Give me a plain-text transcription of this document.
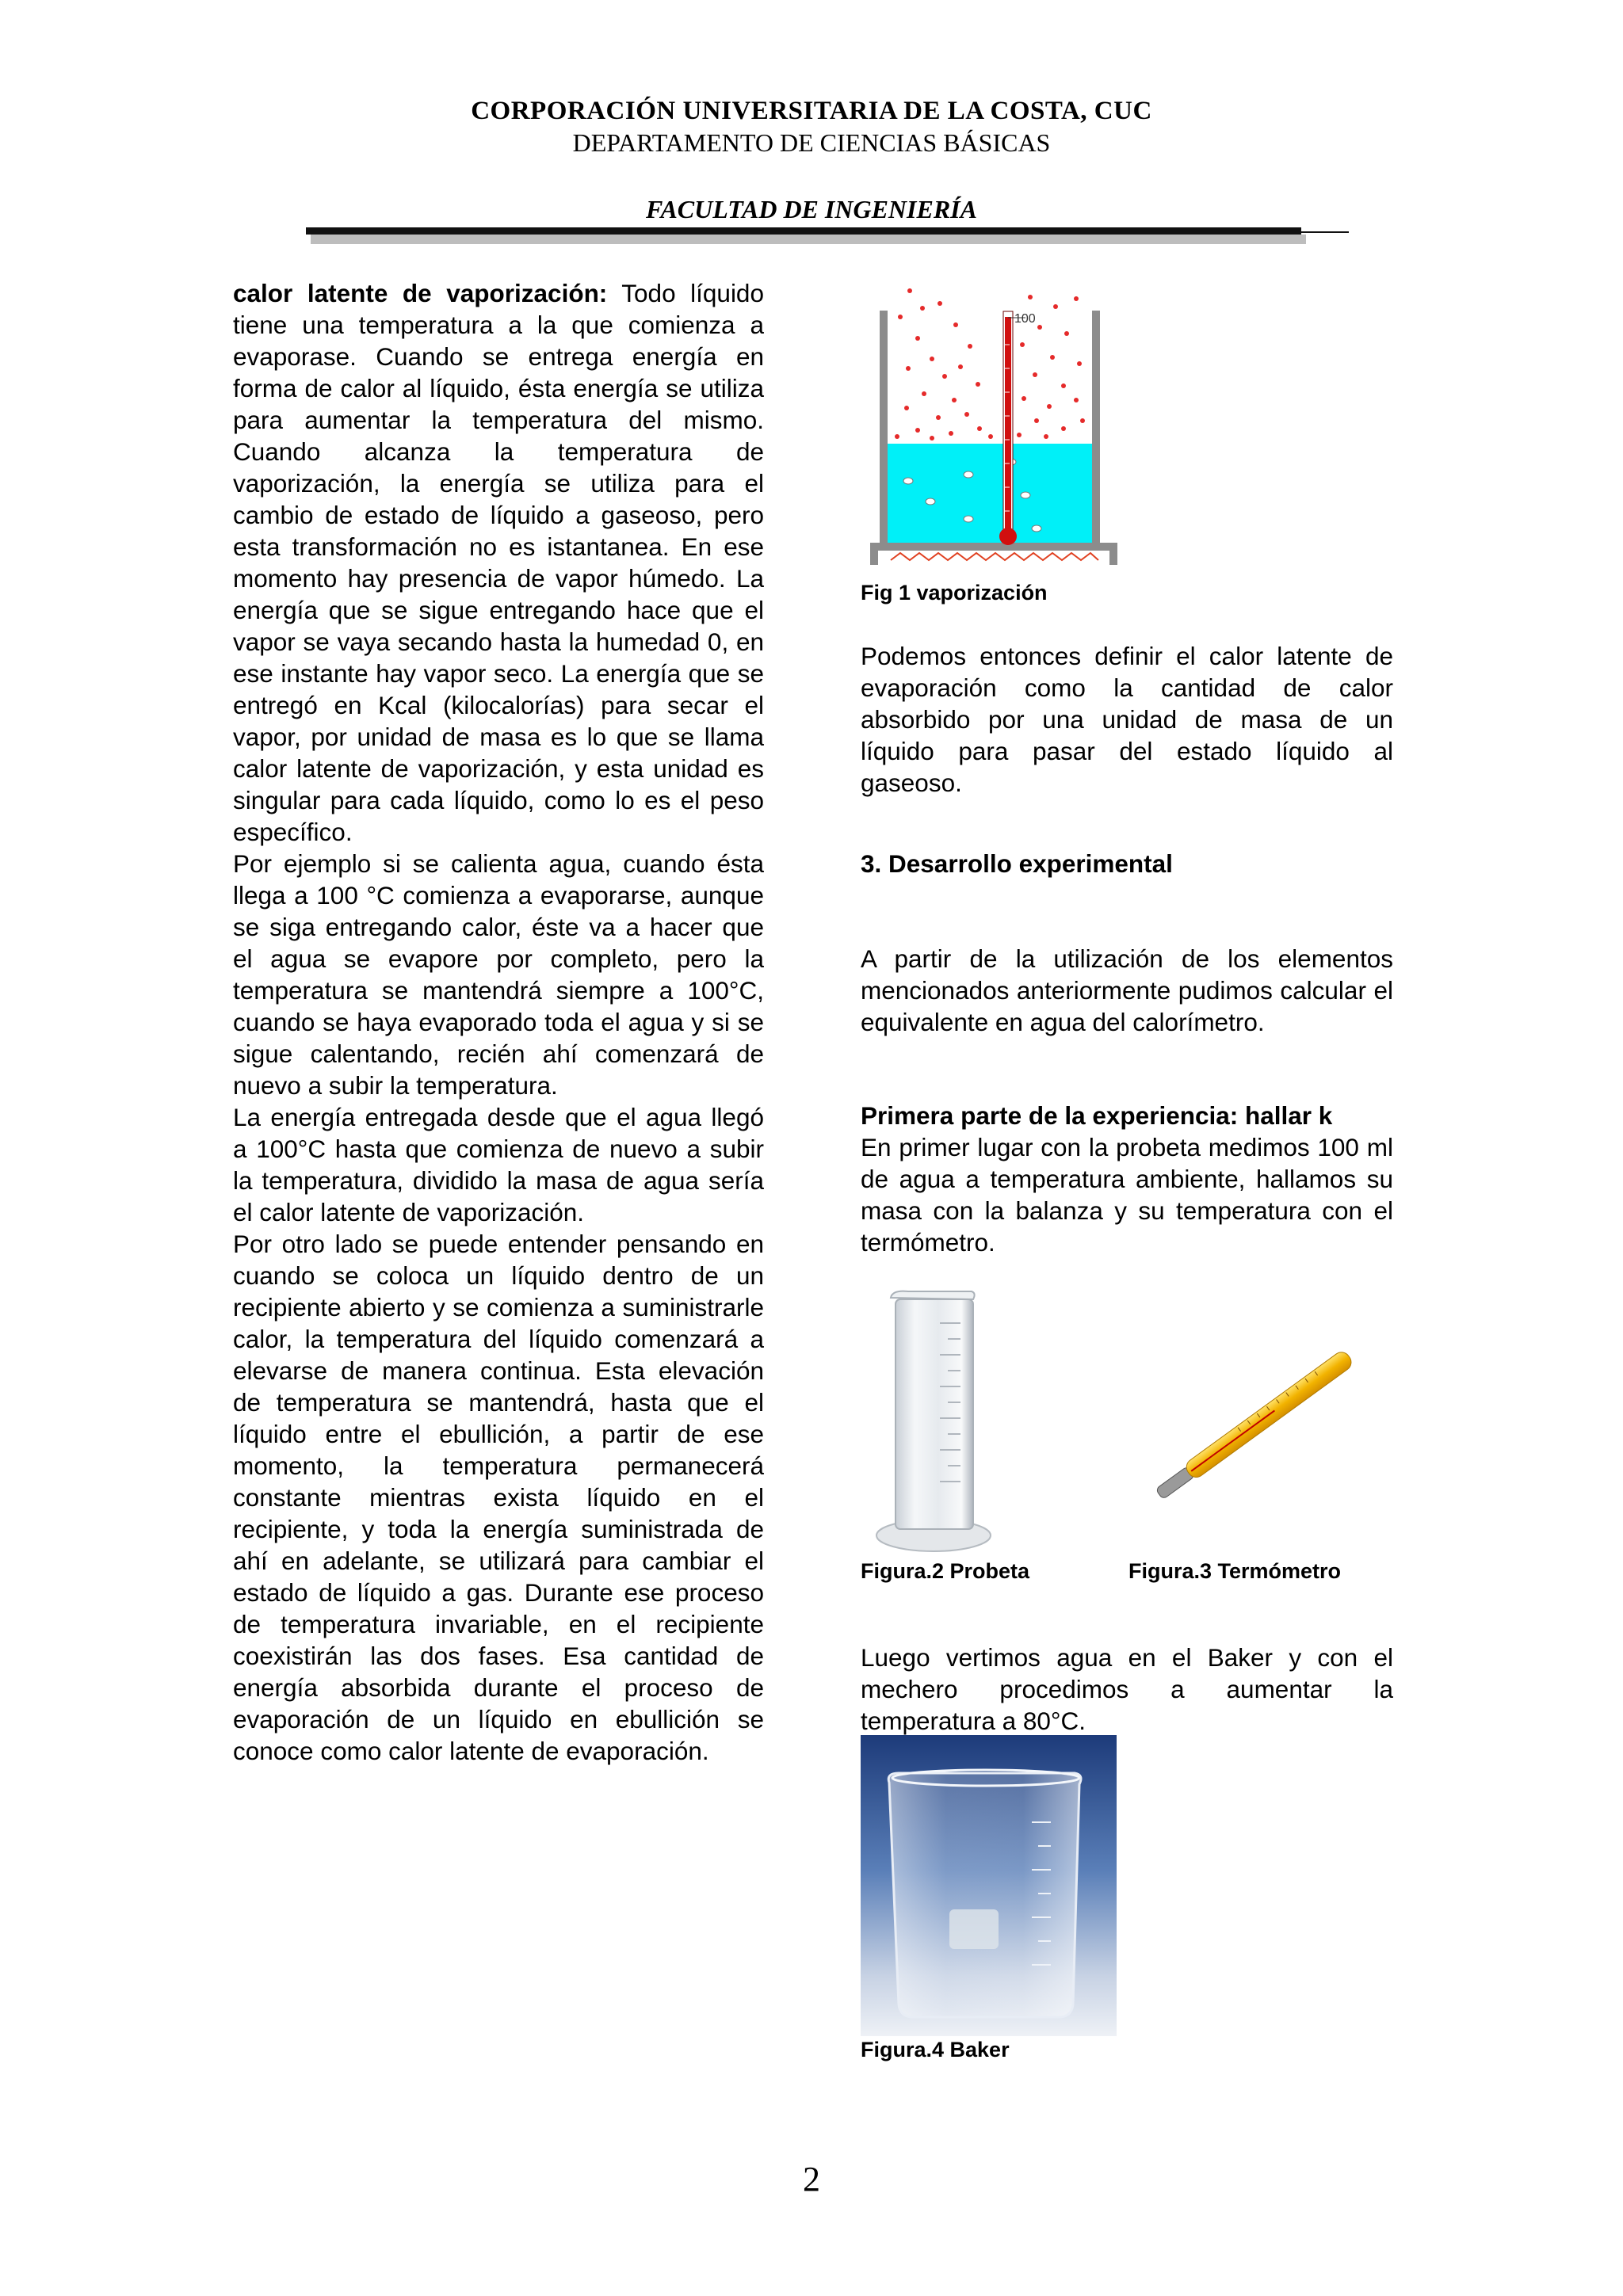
CORPORACIÓN UNIVERSITARIA DE LA COSTA, CUC
DEPARTAMENTO DE CIENCIAS BÁSICAS
FACULTAD DE INGENIERÍA

calor latente de vaporización: Todo líquido tiene una temperatura a la que comienza a evaporase. Cuando se entrega energía en forma de calor al líquido, ésta energía se utiliza para aumentar la temperatura del mismo. Cuando alcanza la temperatura de vaporización, la energía se utiliza para el cambio de estado de líquido a gaseoso, pero esta transformación no es istantanea. En ese momento hay presencia de vapor húmedo. La energía que se sigue entregando hace que el vapor se vaya secando hasta la humedad 0, en ese instante hay vapor seco. La energía que se entregó en Kcal (kilocalorías) para secar el vapor, por unidad de masa es lo que se llama calor latente de vaporización, y esta unidad es singular para cada líquido, como lo es el peso específico.

Por ejemplo si se calienta agua, cuando ésta llega a 100 °C comienza a evaporarse, aunque se siga entregando calor, éste va a hacer que el agua se evapore por completo, pero la temperatura se mantendrá siempre a 100°C, cuando se haya evaporado toda el agua y si se sigue calentando, recién ahí comenzará de nuevo a subir la temperatura.

La energía entregada desde que el agua llegó a 100°C hasta que comienza de nuevo a subir la temperatura, dividido la masa de agua sería el calor latente de vaporización.

Por otro lado se puede entender pensando en cuando se coloca un líquido dentro de un recipiente abierto y se comienza a suministrarle calor, la temperatura del líquido comenzará a elevarse de manera continua. Esta elevación de temperatura se mantendrá, hasta que el líquido entre el ebullición, a partir de ese momento, la temperatura permanecerá constante mientras exista líquido en el recipiente, y toda la energía suministrada de ahí en adelante, se utilizará para cambiar el estado de líquido a gas. Durante ese proceso de temperatura invariable, en el recipiente coexistirán las dos fases. Esa cantidad de energía absorbida durante el proceso de evaporación de un líquido en ebullición se conoce como calor latente de evaporación.

100
Fig 1 vaporización

Podemos entonces definir el calor latente de evaporación como la cantidad de calor absorbido por una unidad de masa de un líquido para pasar del estado líquido al gaseoso.

3. Desarrollo experimental

A partir de la utilización de los elementos mencionados anteriormente pudimos calcular el equivalente en agua del calorímetro.

Primera parte de la experiencia: hallar k

En primer lugar con la probeta medimos 100 ml de agua a temperatura ambiente, hallamos su masa con la balanza y su temperatura con el termómetro.

Figura.2 Probeta	Figura.3 Termómetro

Luego vertimos agua en el Baker y con el mechero procedimos a aumentar la temperatura a 80°C.

Figura.4 Baker
2
